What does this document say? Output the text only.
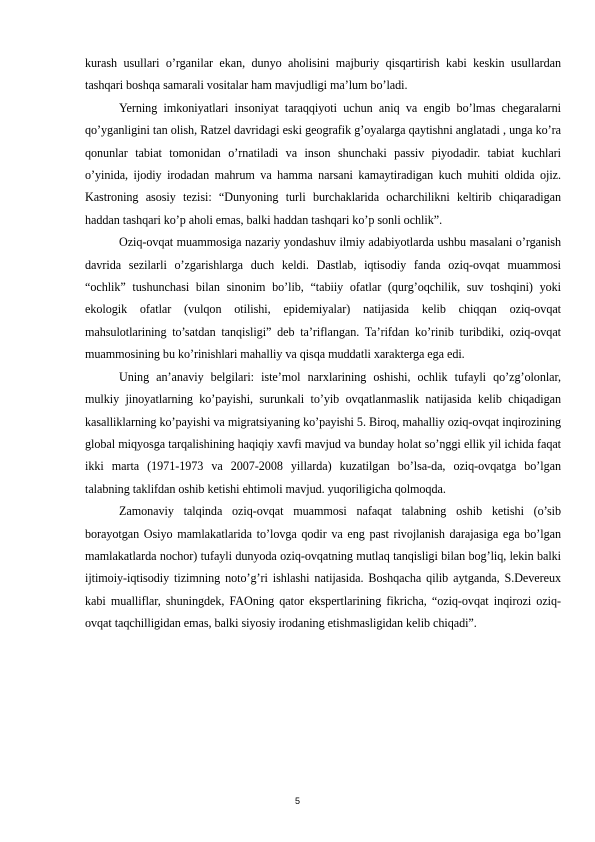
kurash usullari o’rganilar ekan, dunyo aholisini majburiy qisqartirish kabi keskin usullardan tashqari boshqa samarali vositalar ham mavjudligi ma’lum bo’ladi.

Yerning imkoniyatlari insoniyat taraqqiyoti uchun aniq va engib bo’lmas chegaralarni qo’yganligini tan olish, Ratzel davridagi eski geografik g’oyalarga qaytishni anglatadi , unga ko’ra qonunlar tabiat tomonidan o’rnatiladi va inson shunchaki passiv piyodadir. tabiat kuchlari o’yinida, ijodiy irodadan mahrum va hamma narsani kamaytiradigan kuch muhiti oldida ojiz. Kastroning asosiy tezisi: “Dunyoning turli burchaklarida ocharchilikni keltirib chiqaradigan haddan tashqari ko’p aholi emas, balki haddan tashqari ko’p sonli ochlik”.

Oziq-ovqat muammosiga nazariy yondashuv ilmiy adabiyotlarda ushbu masalani o’rganish davrida sezilarli o’zgarishlarga duch keldi. Dastlab, iqtisodiy fanda oziq-ovqat muammosi “ochlik” tushunchasi bilan sinonim bo’lib, “tabiiy ofatlar (qurg’oqchilik, suv toshqini) yoki ekologik ofatlar (vulqon otilishi, epidemiyalar) natijasida kelib chiqqan oziq-ovqat mahsulotlarining to’satdan tanqisligi” deb ta’riflangan. Ta’rifdan ko’rinib turibdiki, oziq-ovqat muammosining bu ko’rinishlari mahalliy va qisqa muddatli xarakterga ega edi.

Uning an’anaviy belgilari: iste’mol narxlarining oshishi, ochlik tufayli qo’zg’olonlar, mulkiy jinoyatlarning ko’payishi, surunkali to’yib ovqatlanmaslik natijasida kelib chiqadigan kasalliklarning ko’payishi va migratsiyaning ko’payishi 5. Biroq, mahalliy oziq-ovqat inqirozining global miqyosga tarqalishining haqiqiy xavfi mavjud va bunday holat so’nggi ellik yil ichida faqat ikki marta (1971-1973 va 2007-2008 yillarda) kuzatilgan bo’lsa-da, oziq-ovqatga bo’lgan talabning taklifdan oshib ketishi ehtimoli mavjud. yuqoriligicha qolmoqda.

Zamonaviy talqinda oziq-ovqat muammosi nafaqat talabning oshib ketishi (o’sib borayotgan Osiyo mamlakatlarida to’lovga qodir va eng past rivojlanish darajasiga ega bo’lgan mamlakatlarda nochor) tufayli dunyoda oziq-ovqatning mutlaq tanqisligi bilan bog’liq, lekin balki ijtimoiy-iqtisodiy tizimning noto’g’ri ishlashi natijasida. Boshqacha qilib aytganda, S.Devereux kabi mualliflar, shuningdek, FAOning qator ekspertlarining fikricha, “oziq-ovqat inqirozi oziq-ovqat taqchilligidan emas, balki siyosiy irodaning etishmasligidan kelib chiqadi”.

5
